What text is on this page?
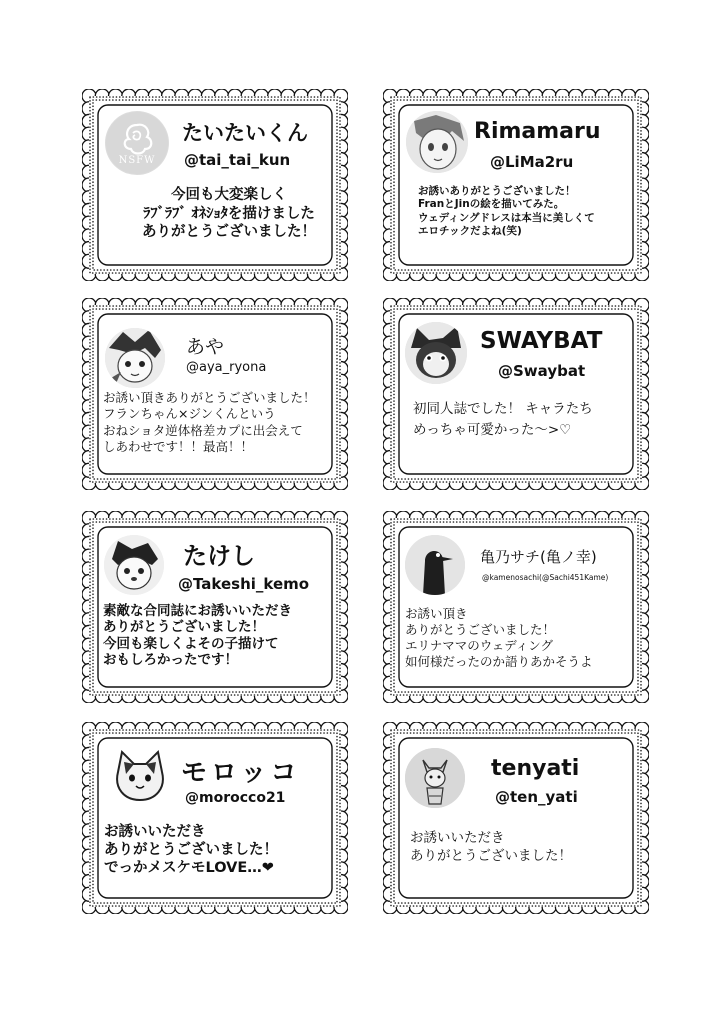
NSFW
たいたいくん
@tai_tai_kun
今回も大変楽しく
ﾗﾌﾞﾗﾌﾞ ｵﾈｼｮﾀを描けました
ありがとうございました！
Rimamaru
@LiMa2ru
お誘いありがとうございました！
FranとJinの絵を描いてみた。
ウェディングドレスは本当に美しくて
エロチックだよね(笑)
あや
@aya_ryona
お誘い頂きありがとうございました！
フランちゃん×ジンくんという
おねショタ逆体格差カプに出会えて
しあわせです！！最高！！
SWAYBAT
@Swaybat
初同人誌でした！ キャラたち
めっちゃ可愛かった～>♡
たけし
@Takeshi_kemo
素敵な合同誌にお誘いいただき
ありがとうございました！
今回も楽しくよその子描けて
おもしろかったです！
亀乃サチ(亀ノ幸)
@kamenosachi(@Sachi451Kame)
お誘い頂き
ありがとうございました！
エリナママのウェディング
如何様だったのか語りあかそうよ
モロッコ
@morocco21
お誘いいただき
ありがとうございました！
でっかメスケモLOVE…❤
tenyati
@ten_yati
お誘いいただき
ありがとうございました！
